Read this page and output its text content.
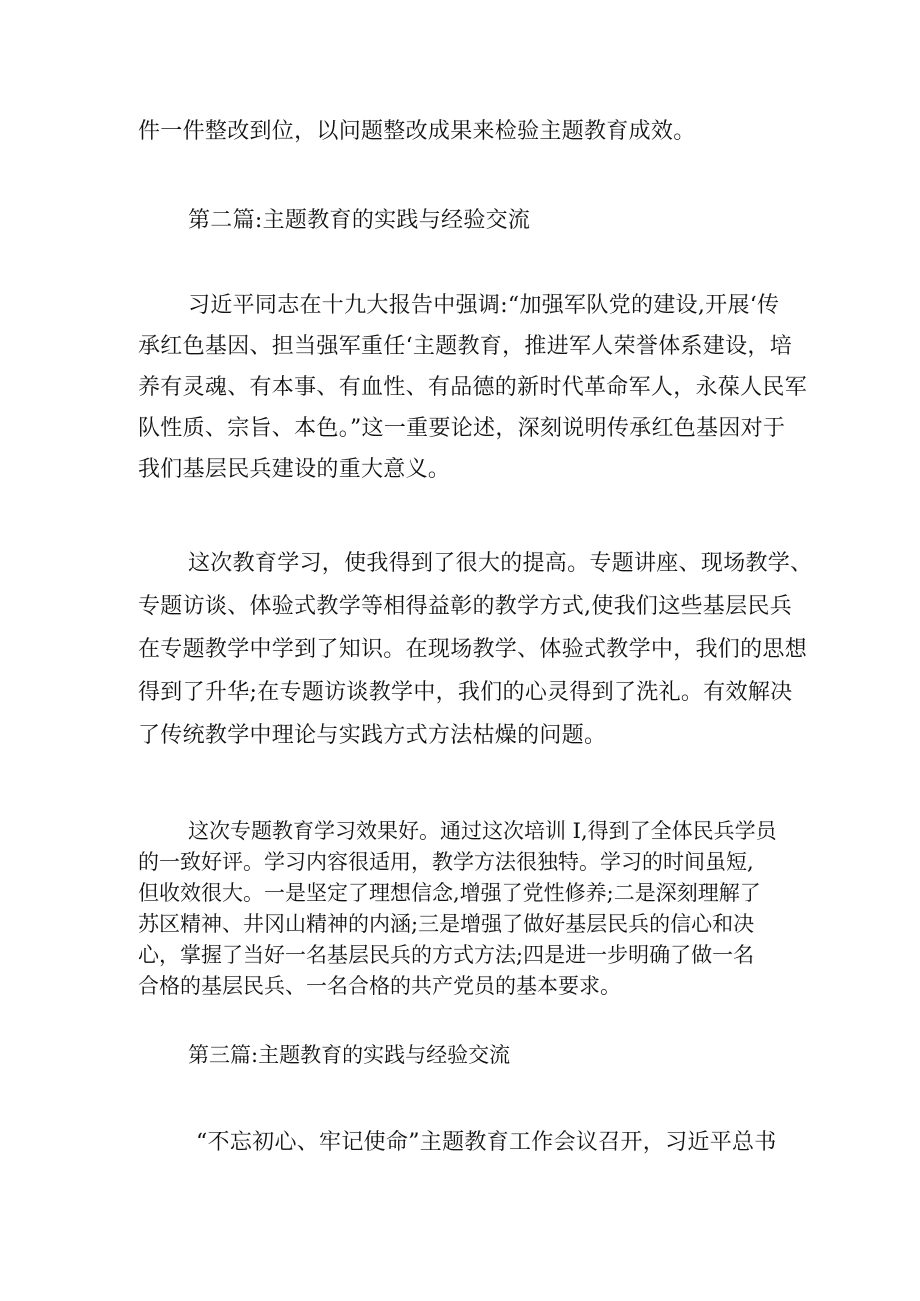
件一件整改到位，以问题整改成果来检验主题教育成效。
第二篇:主题教育的实践与经验交流
习近平同志在十九大报告中强调:“加强军队党的建设,开展‘传
承红色基因、担当强军重任‘主题教育，推进军人荣誉体系建设，培
养有灵魂、有本事、有血性、有品德的新时代革命军人，永葆人民军
队性质、宗旨、本色。”这一重要论述，深刻说明传承红色基因对于
我们基层民兵建设的重大意义。
这次教育学习，使我得到了很大的提高。专题讲座、现场教学、
专题访谈、体验式教学等相得益彰的教学方式,使我们这些基层民兵
在专题教学中学到了知识。在现场教学、体验式教学中，我们的思想
得到了升华;在专题访谈教学中，我们的心灵得到了洗礼。有效解决
了传统教学中理论与实践方式方法枯燥的问题。
这次专题教育学习效果好。通过这次培训 I,得到了全体民兵学员
的一致好评。学习内容很适用，教学方法很独特。学习的时间虽短,
但收效很大。一是坚定了理想信念,增强了党性修养;二是深刻理解了
苏区精神、井冈山精神的内涵;三是增强了做好基层民兵的信心和决
心，掌握了当好一名基层民兵的方式方法;四是进一步明确了做一名
合格的基层民兵、一名合格的共产党员的基本要求。
第三篇:主题教育的实践与经验交流
“不忘初心、牢记使命”主题教育工作会议召开，习近平总书
